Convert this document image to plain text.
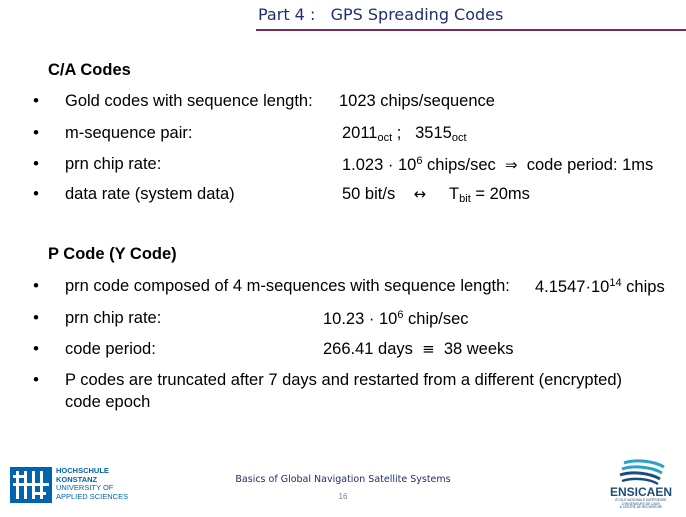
Part 4 : GPS Spreading Codes
C/A Codes
• Gold codes with sequence length: 1023 chips/sequence
• m-sequence pair:	$2011_{oct}$ ; $3515_{oct}$
• prn chip rate:	$1.023 \cdot 10^6$ chips/sec ⇒ code period: 1ms
• data rate (system data)	50 bit/s ↔ $T_{bit} = 20ms$
P Code (Y Code)
• prn code composed of 4 m-sequences with sequence length: $4.1547\cdot 10^{14}$ chips
• prn chip rate:	$10.23 \cdot 10^6$ chip/sec
• code period:	266.41 days ≡ 38 weeks
• P codes are truncated after 7 days and restarted from a different (encrypted)
code epoch
HOCHSCHULE
KONSTANZ
UNIVERSITY OF
APPLIED SCIENCES
Basics of Global Navigation Satellite Systems
16	ENSICAEN
ÉCOLE NATIONALE SUPÉRIEURE D'INGÉNIEURS DE CAEN
& CENTRE DE RECHERCHE
